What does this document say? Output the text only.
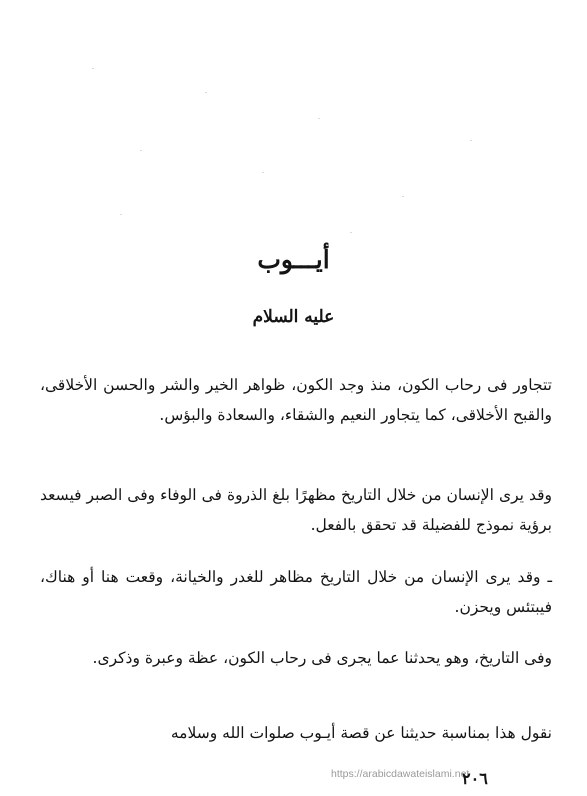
أيـــوب
عليه السلام

تتجاور فى رحاب الكون، منذ وجد الكون، ظواهر الخير والشر والحسن الأخلاقى، والقبح الأخلاقى، كما يتجاور النعيم والشقاء، والسعادة والبؤس.

وقد يرى الإنسان من خلال التاريخ مظهرًا بلغ الذروة فى الوفاء وفى الصبر فيسعد برؤية نموذج للفضيلة قد تحقق بالفعل.

ـ وقد يرى الإنسان من خلال التاريخ مظاهر للغدر والخيانة، وقعت هنا أو هناك، فيبتئس ويحزن.

وفى التاريخ، وهو يحدثنا عما يجرى فى رحاب الكون، عظة وعبرة وذكرى.

نقول هذا بمناسبة حديثنا عن قصة أيـوب صلوات الله وسلامه

https://arabicdawateislami.net
٢٠٦
